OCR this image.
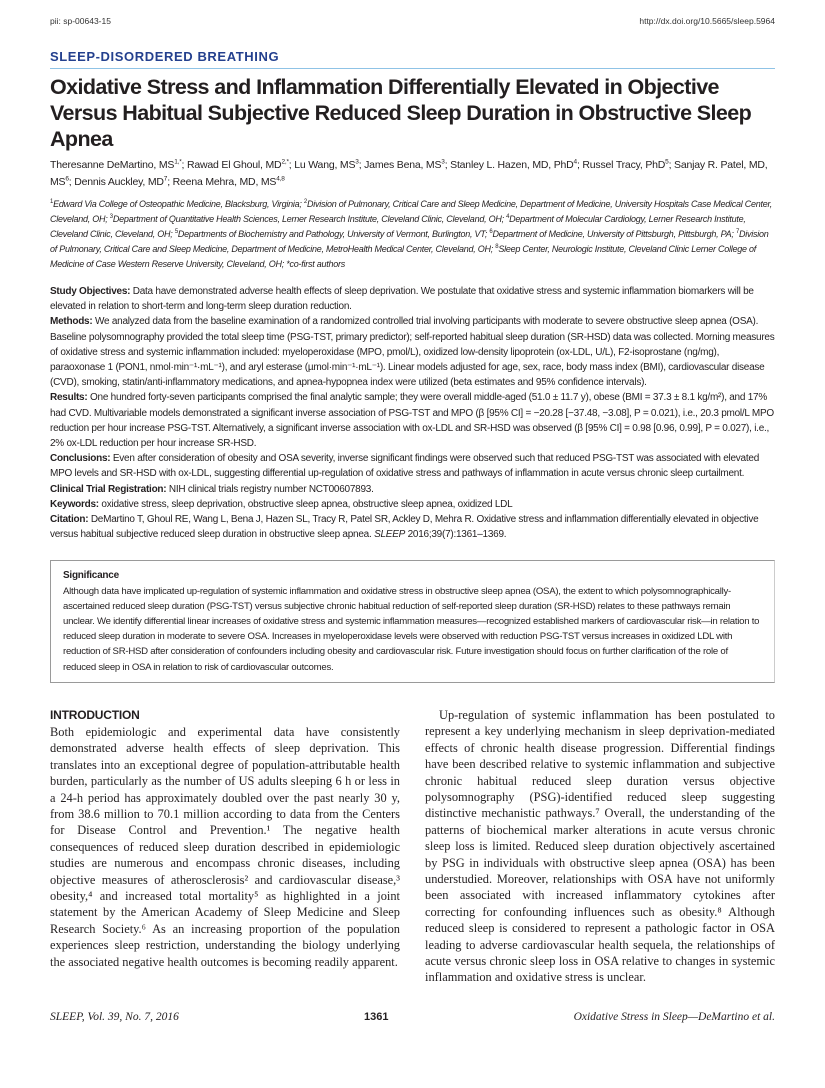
pii: sp-00643-15	http://dx.doi.org/10.5665/sleep.5964
SLEEP-DISORDERED BREATHING
Oxidative Stress and Inflammation Differentially Elevated in Objective Versus Habitual Subjective Reduced Sleep Duration in Obstructive Sleep Apnea
Theresanne DeMartino, $MS^{1,*}$; Rawad El Ghoul, $MD^{2,*}$; Lu Wang, $MS^3$; James Bena, $MS^3$; Stanley L. Hazen, MD, PhD$^4$; Russel Tracy, PhD$^5$; Sanjay R. Patel, MD, $MS^6$; Dennis Auckley, $MD^7$; Reena Mehra, MD, MS$^{4,8}$
$^1$Edward Via College of Osteopathic Medicine, Blacksburg, Virginia; $^2$Division of Pulmonary, Critical Care and Sleep Medicine, Department of Medicine, University Hospitals Case Medical Center, Cleveland, OH; $^3$Department of Quantitative Health Sciences, Lerner Research Institute, Cleveland Clinic, Cleveland, OH; $^4$Department of Molecular Cardiology, Lerner Research Institute, Cleveland Clinic, Cleveland, OH; $^5$Departments of Biochemistry and Pathology, University of Vermont, Burlington, VT; $^6$Department of Medicine, University of Pittsburgh, Pittsburgh, PA; $^7$Division of Pulmonary, Critical Care and Sleep Medicine, Department of Medicine, MetroHealth Medical Center, Cleveland, OH; $^8$Sleep Center, Neurologic Institute, Cleveland Clinic Lerner College of Medicine of Case Western Reserve University, Cleveland, OH; *co-first authors

Study Objectives: Data have demonstrated adverse health effects of sleep deprivation. We postulate that oxidative stress and systemic inflammation biomarkers will be elevated in relation to short-term and long-term sleep duration reduction.

Methods: We analyzed data from the baseline examination of a randomized controlled trial involving participants with moderate to severe obstructive sleep apnea (OSA). Baseline polysomnography provided the total sleep time (PSG-TST, primary predictor); self-reported habitual sleep duration (SR-HSD) data was collected. Morning measures of oxidative stress and systemic inflammation included: myeloperoxidase (MPO, pmol/L), oxidized low-density lipoprotein (ox-LDL, U/L), F2-isoprostane (ng/mg), paraoxonase 1 (PON1, nmol·min⁻¹·mL⁻¹), and aryl esterase (µmol·min⁻¹·mL⁻¹). Linear models adjusted for age, sex, race, body mass index (BMI), cardiovascular disease (CVD), smoking, statin/anti-inflammatory medications, and apnea-hypopnea index were utilized (beta estimates and 95% confidence intervals).

Results: One hundred forty-seven participants comprised the final analytic sample; they were overall middle-aged (51.0 ± 11.7 y), obese (BMI = 37.3 ± 8.1 kg/m²), and 17% had CVD. Multivariable models demonstrated a significant inverse association of PSG-TST and MPO (β [95% CI] = −20.28 [−37.48, −3.08], P = 0.021), i.e., 20.3 pmol/L MPO reduction per hour increase PSG-TST. Alternatively, a significant inverse association with ox-LDL and SR-HSD was observed (β [95% CI] = 0.98 [0.96, 0.99], P = 0.027), i.e., 2% ox-LDL reduction per hour increase SR-HSD.

Conclusions: Even after consideration of obesity and OSA severity, inverse significant findings were observed such that reduced PSG-TST was associated with elevated MPO levels and SR-HSD with ox-LDL, suggesting differential up-regulation of oxidative stress and pathways of inflammation in acute versus chronic sleep curtailment.

Clinical Trial Registration: NIH clinical trials registry number NCT00607893.

Keywords: oxidative stress, sleep deprivation, obstructive sleep apnea, obstructive sleep apnea, oxidized LDL

Citation: DeMartino T, Ghoul RE, Wang L, Bena J, Hazen SL, Tracy R, Patel SR, Ackley D, Mehra R. Oxidative stress and inflammation differentially elevated in objective versus habitual subjective reduced sleep duration in obstructive sleep apnea. SLEEP 2016;39(7):1361–1369.

Significance
Although data have implicated up-regulation of systemic inflammation and oxidative stress in obstructive sleep apnea (OSA), the extent to which polysomnographically-ascertained reduced sleep duration (PSG-TST) versus subjective chronic habitual reduction of self-reported sleep duration (SR-HSD) relates to these pathways remain unclear. We identify differential linear increases of oxidative stress and systemic inflammation measures—recognized established markers of cardiovascular risk—in relation to reduced sleep duration in moderate to severe OSA. Increases in myeloperoxidase levels were observed with reduction PSG-TST versus increases in oxidized LDL with reduction of SR-HSD after consideration of confounders including obesity and cardiovascular risk. Future investigation should focus on further clarification of the role of reduced sleep in OSA in relation to risk of cardiovascular outcomes.
INTRODUCTION

Both epidemiologic and experimental data have consistently demonstrated adverse health effects of sleep deprivation. This translates into an exceptional degree of population-attributable health burden, particularly as the number of US adults sleeping 6 h or less in a 24-h period has approximately doubled over the past nearly 30 y, from 38.6 million to 70.1 million according to data from the Centers for Disease Control and Prevention.¹ The negative health consequences of reduced sleep duration described in epidemiologic studies are numerous and encompass chronic diseases, including objective measures of atherosclerosis² and cardiovascular disease,³ obesity,⁴ and increased total mortality⁵ as highlighted in a joint statement by the American Academy of Sleep Medicine and Sleep Research Society.⁶ As an increasing proportion of the population experiences sleep restriction, understanding the biology underlying the associated negative health outcomes is becoming readily apparent.

Up-regulation of systemic inflammation has been postulated to represent a key underlying mechanism in sleep deprivation-mediated effects of chronic health disease progression. Differential findings have been described relative to systemic inflammation and subjective chronic habitual reduced sleep duration versus objective polysomnography (PSG)-identified reduced sleep suggesting distinctive mechanistic pathways.⁷ Overall, the understanding of the patterns of biochemical marker alterations in acute versus chronic sleep loss is limited. Reduced sleep duration objectively ascertained by PSG in individuals with obstructive sleep apnea (OSA) has been understudied. Moreover, relationships with OSA have not uniformly been associated with increased inflammatory cytokines after correcting for confounding influences such as obesity.⁸ Although reduced sleep is considered to represent a pathologic factor in OSA leading to adverse cardiovascular health sequela, the relationships of acute versus chronic sleep loss in OSA relative to changes in systemic inflammation and oxidative stress is unclear.

SLEEP, Vol. 39, No. 7, 2016	1361	Oxidative Stress in Sleep—DeMartino et al.
